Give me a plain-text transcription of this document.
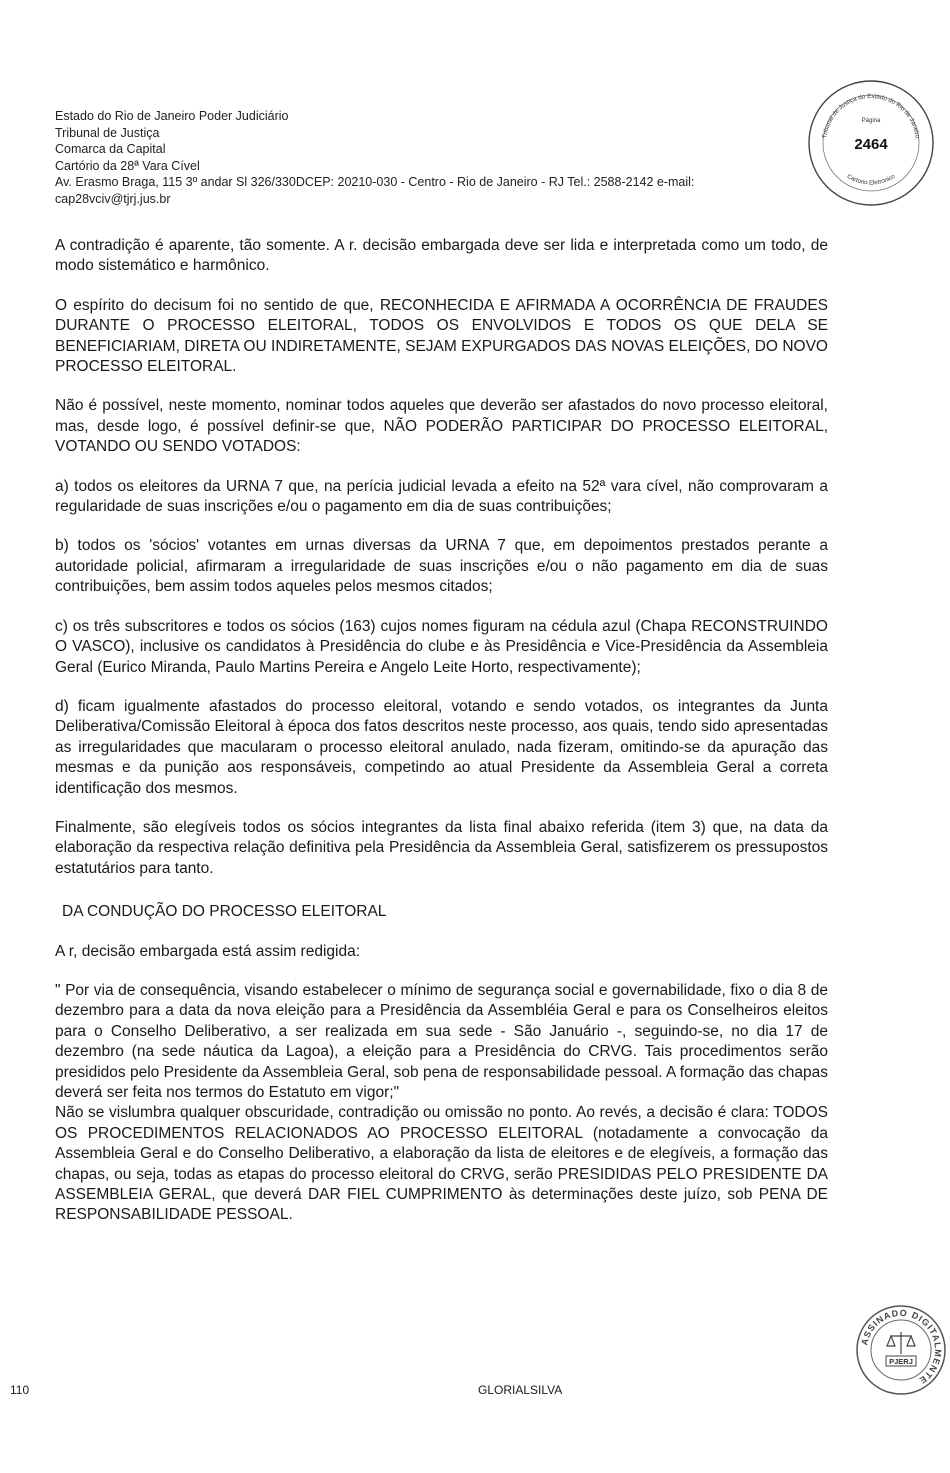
Estado do Rio de Janeiro Poder Judiciário
Tribunal de Justiça
Comarca da Capital
Cartório da 28ª Vara Cível
Av. Erasmo Braga, 115 3º andar Sl 326/330DCEP: 20210-030 - Centro - Rio de Janeiro - RJ Tel.: 2588-2142 e-mail:
cap28vciv@tjrj.jus.br
Tribunal de Justiça do Estado do Rio de Janeiro
Cartorio Eletronico
Página
2464

A contradição é aparente, tão somente. A r. decisão embargada deve ser lida e interpretada como um todo, de modo sistemático e harmônico.

O espírito do decisum foi no sentido de que, RECONHECIDA E AFIRMADA A OCORRÊNCIA DE FRAUDES DURANTE O PROCESSO ELEITORAL, TODOS OS ENVOLVIDOS E TODOS OS QUE DELA SE BENEFICIARIAM, DIRETA OU INDIRETAMENTE, SEJAM EXPURGADOS DAS NOVAS ELEIÇÕES, DO NOVO PROCESSO ELEITORAL.

Não é possível, neste momento, nominar todos aqueles que deverão ser afastados do novo processo eleitoral, mas, desde logo, é possível definir-se que, NÃO PODERÃO PARTICIPAR DO PROCESSO ELEITORAL, VOTANDO OU SENDO VOTADOS:

a) todos os eleitores da URNA 7 que, na perícia judicial levada a efeito na 52ª vara cível, não comprovaram a regularidade de suas inscrições e/ou o pagamento em dia de suas contribuições;

b) todos os 'sócios' votantes em urnas diversas da URNA 7 que, em depoimentos prestados perante a autoridade policial, afirmaram a irregularidade de suas inscrições e/ou o não pagamento em dia de suas contribuições, bem assim todos aqueles pelos mesmos citados;

c) os três subscritores e todos os sócios (163) cujos nomes figuram na cédula azul (Chapa RECONSTRUINDO O VASCO), inclusive os candidatos à Presidência do clube e às Presidência e Vice-Presidência da Assembleia Geral (Eurico Miranda, Paulo Martins Pereira e Angelo Leite Horto, respectivamente);

d) ficam igualmente afastados do processo eleitoral, votando e sendo votados, os integrantes da Junta Deliberativa/Comissão Eleitoral à época dos fatos descritos neste processo, aos quais, tendo sido apresentadas as irregularidades que macularam o processo eleitoral anulado, nada fizeram, omitindo-se da apuração das mesmas e da punição aos responsáveis, competindo ao atual Presidente da Assembleia Geral a correta identificação dos mesmos.

Finalmente, são elegíveis todos os sócios integrantes da lista final abaixo referida (item 3) que, na data da elaboração da respectiva relação definitiva pela Presidência da Assembleia Geral, satisfizerem os pressupostos estatutários para tanto.

DA CONDUÇÃO DO PROCESSO ELEITORAL

A r, decisão embargada está assim redigida:

" Por via de consequência, visando estabelecer o mínimo de segurança social e governabilidade, fixo o dia 8 de dezembro para a data da nova eleição para a Presidência da Assembléia Geral e para os Conselheiros eleitos para o Conselho Deliberativo, a ser realizada em sua sede - São Januário -, seguindo-se, no dia 17 de dezembro (na sede náutica da Lagoa), a eleição para a Presidência do CRVG. Tais procedimentos serão presididos pelo Presidente da Assembleia Geral, sob pena de responsabilidade pessoal. A formação das chapas deverá ser feita nos termos do Estatuto em vigor;"

Não se vislumbra qualquer obscuridade, contradição ou omissão no ponto. Ao revés, a decisão é clara: TODOS OS PROCEDIMENTOS RELACIONADOS AO PROCESSO ELEITORAL (notadamente a convocação da Assembleia Geral e do Conselho Deliberativo, a elaboração da lista de eleitores e de elegíveis, a formação das chapas, ou seja, todas as etapas do processo eleitoral do CRVG, serão PRESIDIDAS PELO PRESIDENTE DA ASSEMBLEIA GERAL, que deverá DAR FIEL CUMPRIMENTO às determinações deste juízo, sob PENA DE RESPONSABILIDADE PESSOAL.

ASSINADO DIGITALMENTE
PJERJ
110	GLORIALSILVA
